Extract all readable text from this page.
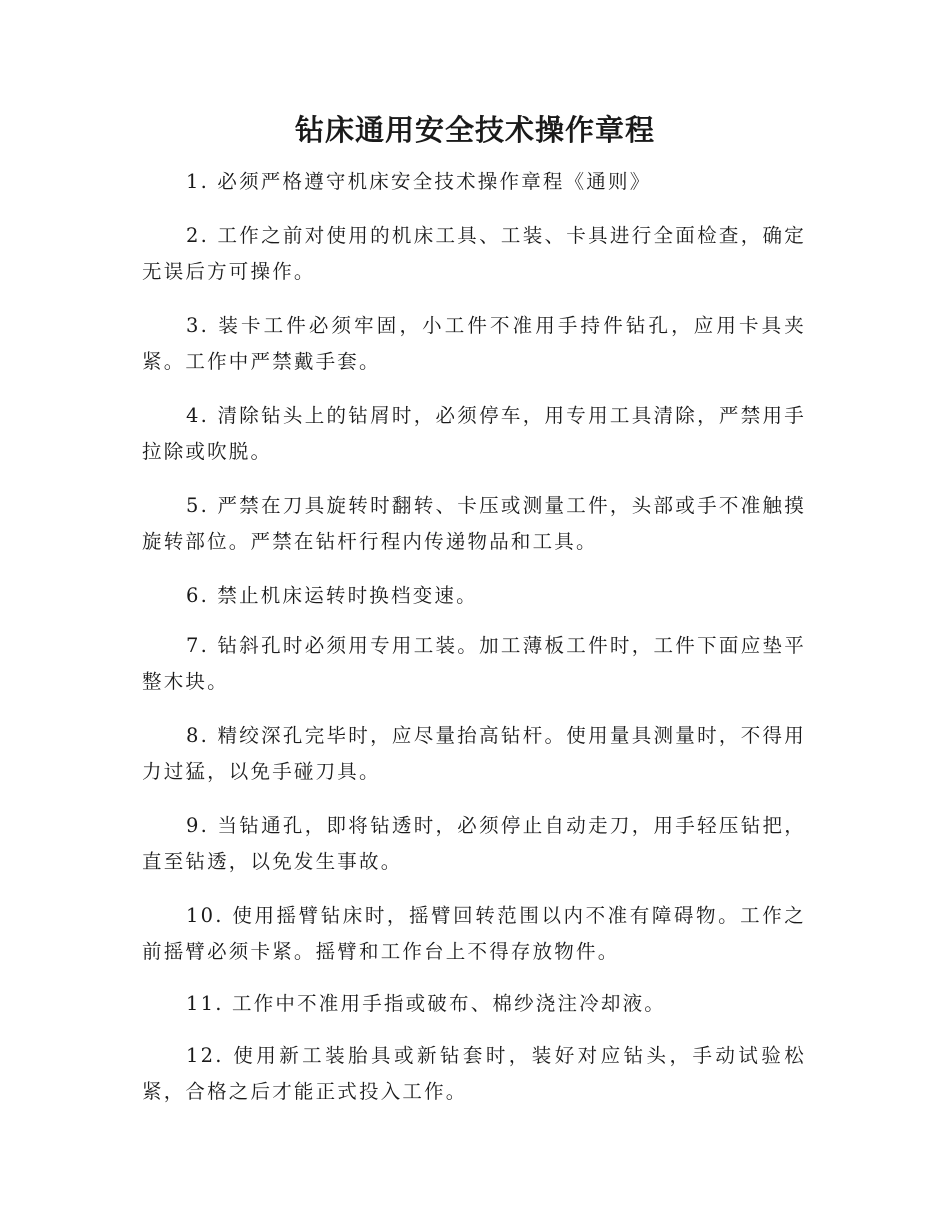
钻床通用安全技术操作章程

1. 必须严格遵守机床安全技术操作章程《通则》

2. 工作之前对使用的机床工具、工装、卡具进行全面检查，确定无误后方可操作。

3. 装卡工件必须牢固，小工件不准用手持件钻孔，应用卡具夹紧。工作中严禁戴手套。

4. 清除钻头上的钻屑时，必须停车，用专用工具清除，严禁用手拉除或吹脱。

5. 严禁在刀具旋转时翻转、卡压或测量工件，头部或手不准触摸旋转部位。严禁在钻杆行程内传递物品和工具。

6. 禁止机床运转时换档变速。

7. 钻斜孔时必须用专用工装。加工薄板工件时，工件下面应垫平整木块。

8. 精绞深孔完毕时，应尽量抬高钻杆。使用量具测量时，不得用力过猛，以免手碰刀具。

9. 当钻通孔，即将钻透时，必须停止自动走刀，用手轻压钻把，直至钻透，以免发生事故。

10. 使用摇臂钻床时，摇臂回转范围以内不准有障碍物。工作之前摇臂必须卡紧。摇臂和工作台上不得存放物件。

11. 工作中不准用手指或破布、棉纱浇注冷却液。

12. 使用新工装胎具或新钻套时，装好对应钻头，手动试验松紧，合格之后才能正式投入工作。
